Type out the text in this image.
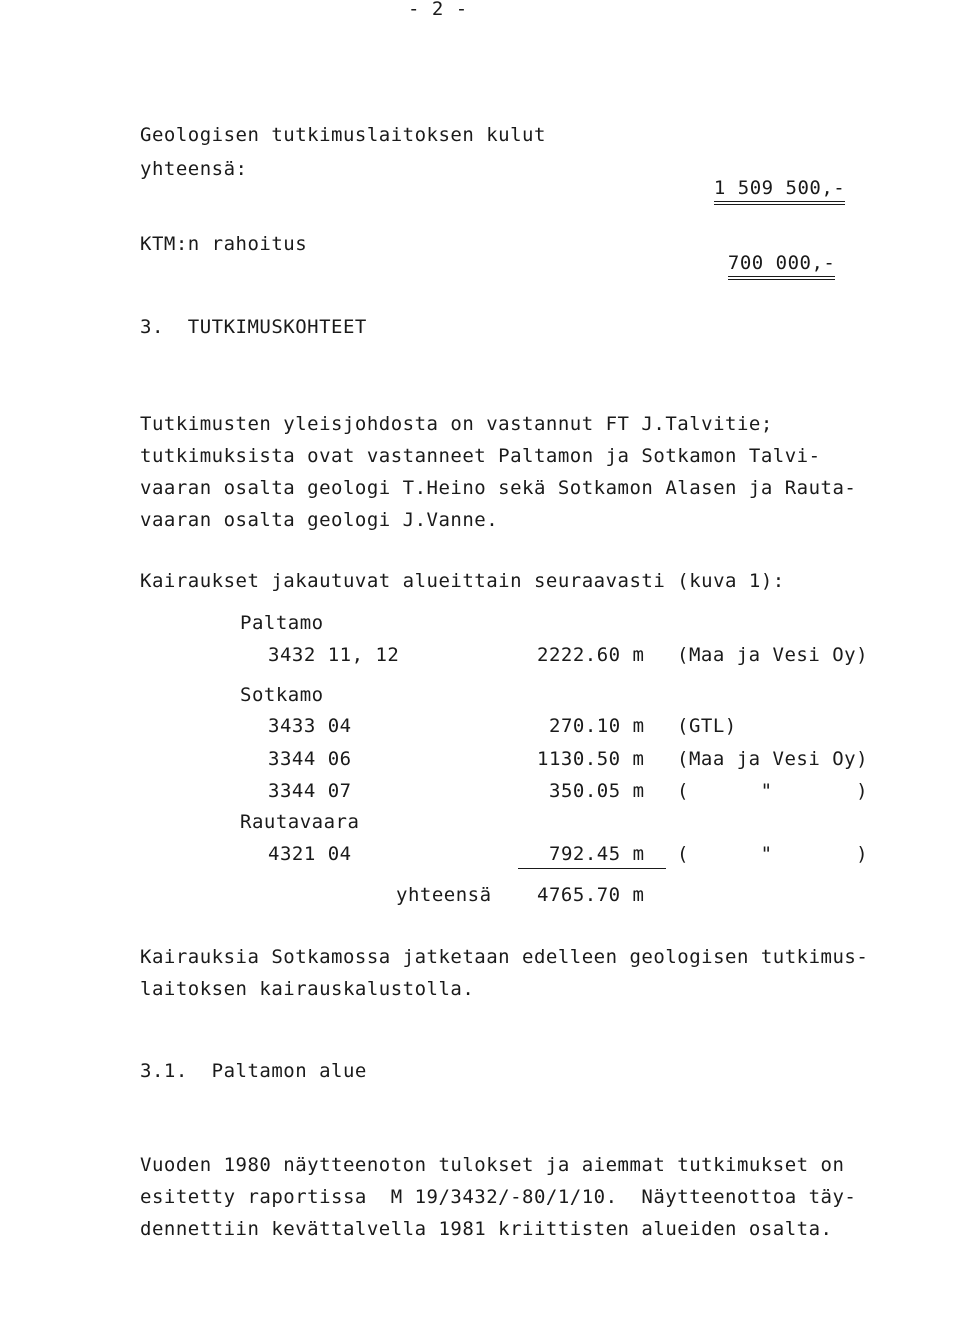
- 2 -
Geologisen tutkimuslaitoksen kulut
yhteensä:

1 509 500,-

KTM:n rahoitus

700 000,-

3.  TUTKIMUSKOHTEET
Tutkimusten yleisjohdosta on vastannut FT J.Talvitie;
tutkimuksista ovat vastanneet Paltamon ja Sotkamon Talvi-
vaaran osalta geologi T.Heino sekä Sotkamon Alasen ja Rauta-
vaaran osalta geologi J.Vanne.
Kairaukset jakautuvat alueittain seuraavasti (kuva 1):
Paltamo
3432 11, 12	2222.60 m (Maa ja Vesi Oy)
Sotkamo
3433 04	270.10 m (GTL)
3344 06	1130.50 m (Maa ja Vesi Oy)
3344 07	350.05 m (      "       )
Rautavaara
4321 04	792.45 m (      "       )
yhteensä 4765.70 m
Kairauksia Sotkamossa jatketaan edelleen geologisen tutkimus-
laitoksen kairauskalustolla.
3.1.  Paltamon alue
Vuoden 1980 näytteenoton tulokset ja aiemmat tutkimukset on
esitetty raportissa  M 19/3432/-80/1/10.  Näytteenottoa täy-
dennettiin kevättalvella 1981 kriittisten alueiden osalta.
